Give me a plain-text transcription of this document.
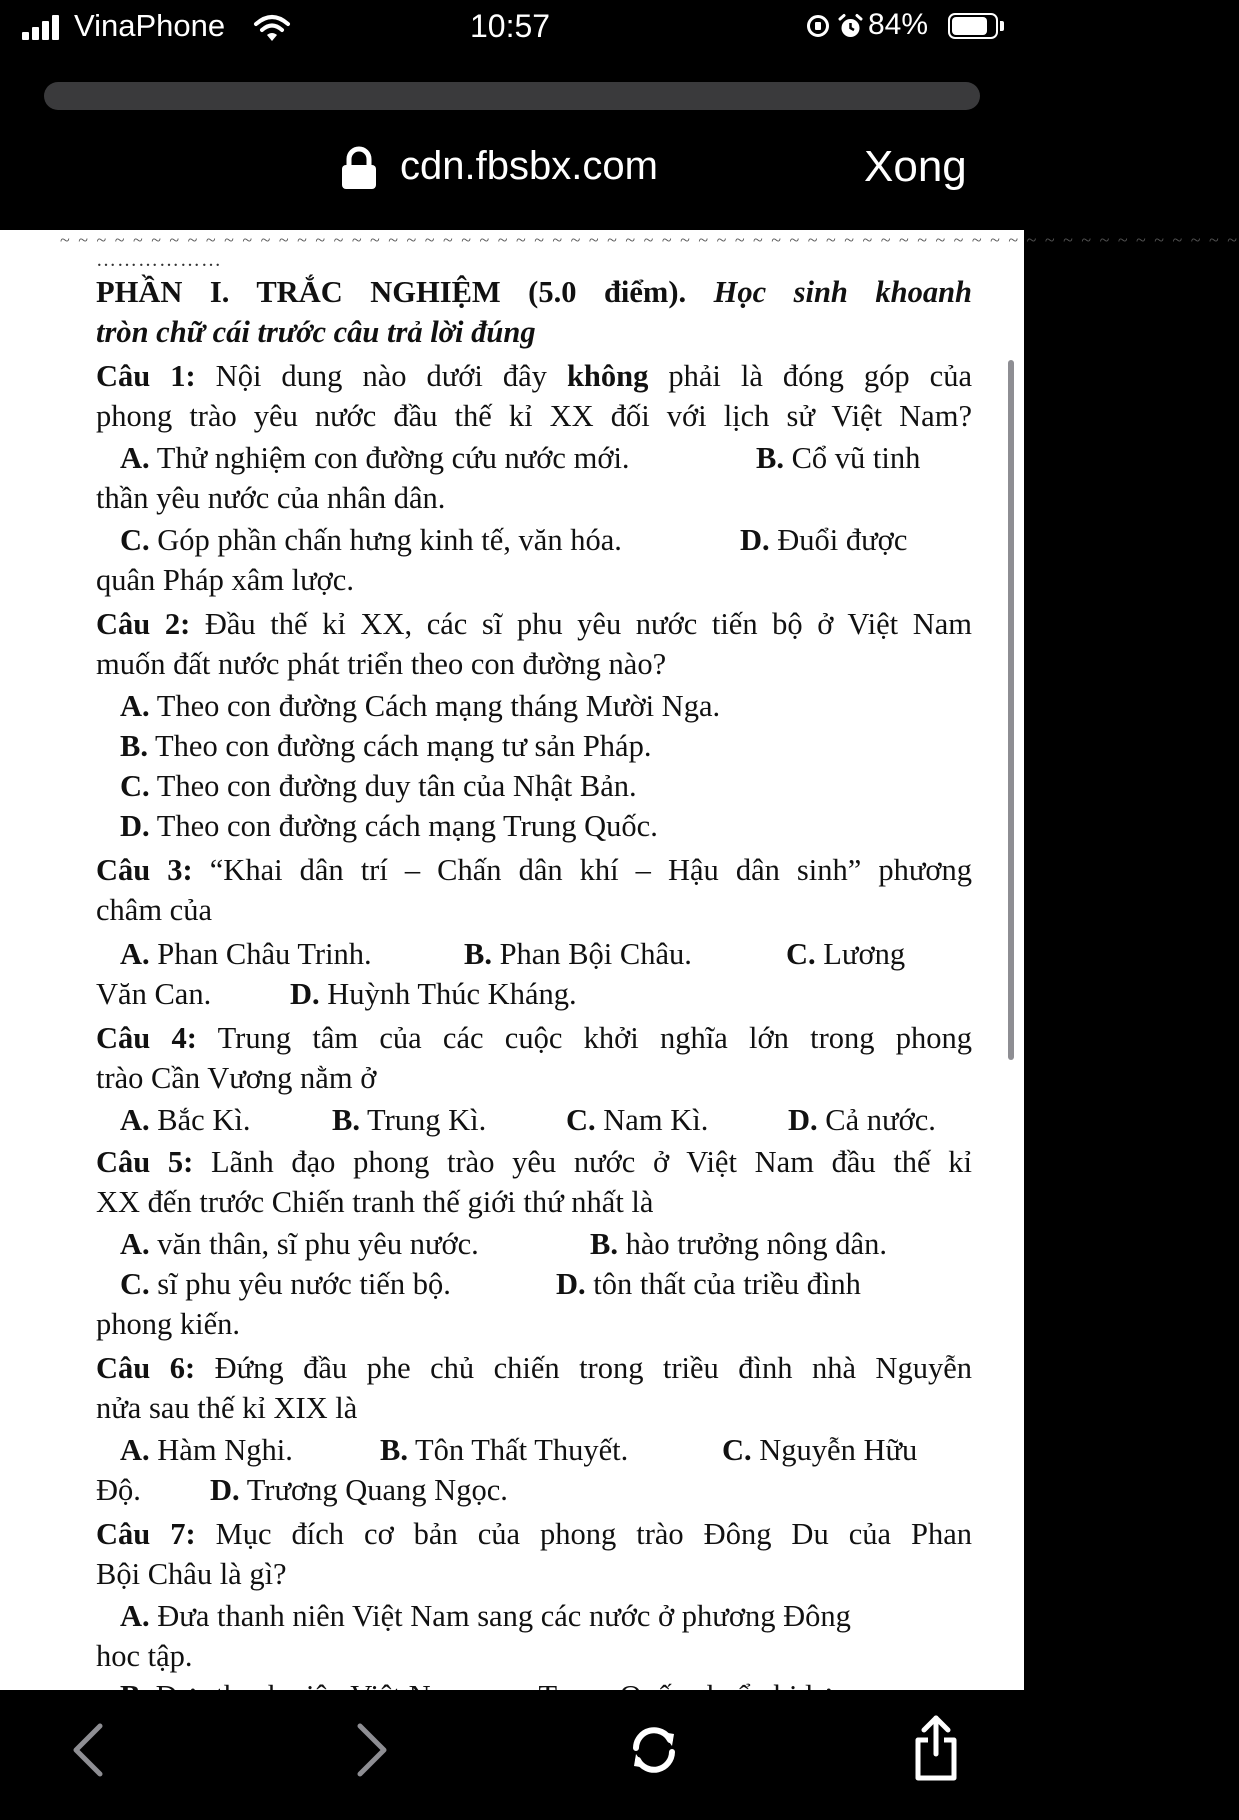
VinaPhone	10:57	84%
cdn.fbsbx.com	Xong
~ ~ ~ ~ ~ ~ ~ ~ ~ ~ ~ ~ ~ ~ ~ ~ ~ ~ ~ ~ ~ ~ ~ ~ ~ ~ ~ ~ ~ ~ ~ ~ ~ ~ ~ ~ ~ ~ ~ ~ ~ ~ ~ ~ ~ ~ ~ ~ ~ ~ ~ ~ ~ ~ ~ ~ ~ ~ ~ ~ ~ ~ ~ ~ ~
………………
PHẦN I. TRẮC NGHIỆM (5.0 điểm). Học sinh khoanh
tròn chữ cái trước câu trả lời đúng
Câu 1: Nội dung nào dưới đây không phải là đóng góp của
phong trào yêu nước đầu thế kỉ XX đối với lịch sử Việt Nam?
A. Thử nghiệm con đường cứu nước mới.	B. Cổ vũ tinh
thần yêu nước của nhân dân.
C. Góp phần chấn hưng kinh tế, văn hóa.	D. Đuổi được
quân Pháp xâm lược.
Câu 2: Đầu thế kỉ XX, các sĩ phu yêu nước tiến bộ ở Việt Nam
muốn đất nước phát triển theo con đường nào?
A. Theo con đường Cách mạng tháng Mười Nga.
B. Theo con đường cách mạng tư sản Pháp.
C. Theo con đường duy tân của Nhật Bản.
D. Theo con đường cách mạng Trung Quốc.
Câu 3: “Khai dân trí – Chấn dân khí – Hậu dân sinh” phương
châm của
A. Phan Châu Trinh.	B. Phan Bội Châu.	C. Lương
Văn Can.	D. Huỳnh Thúc Kháng.
Câu 4: Trung tâm của các cuộc khởi nghĩa lớn trong phong
trào Cần Vương nằm ở
A. Bắc Kì.	B. Trung Kì.	C. Nam Kì.	D. Cả nước.
Câu 5: Lãnh đạo phong trào yêu nước ở Việt Nam đầu thế kỉ
XX đến trước Chiến tranh thế giới thứ nhất là
A. văn thân, sĩ phu yêu nước.	B. hào trưởng nông dân.
C. sĩ phu yêu nước tiến bộ.	D. tôn thất của triều đình
phong kiến.
Câu 6: Đứng đầu phe chủ chiến trong triều đình nhà Nguyễn
nửa sau thế kỉ XIX là
A. Hàm Nghi.	B. Tôn Thất Thuyết.	C. Nguyễn Hữu
Độ. D. Trương Quang Ngọc.
Câu 7: Mục đích cơ bản của phong trào Đông Du của Phan
Bội Châu là gì?
A. Đưa thanh niên Việt Nam sang các nước ở phương Đông
hoc tập.
